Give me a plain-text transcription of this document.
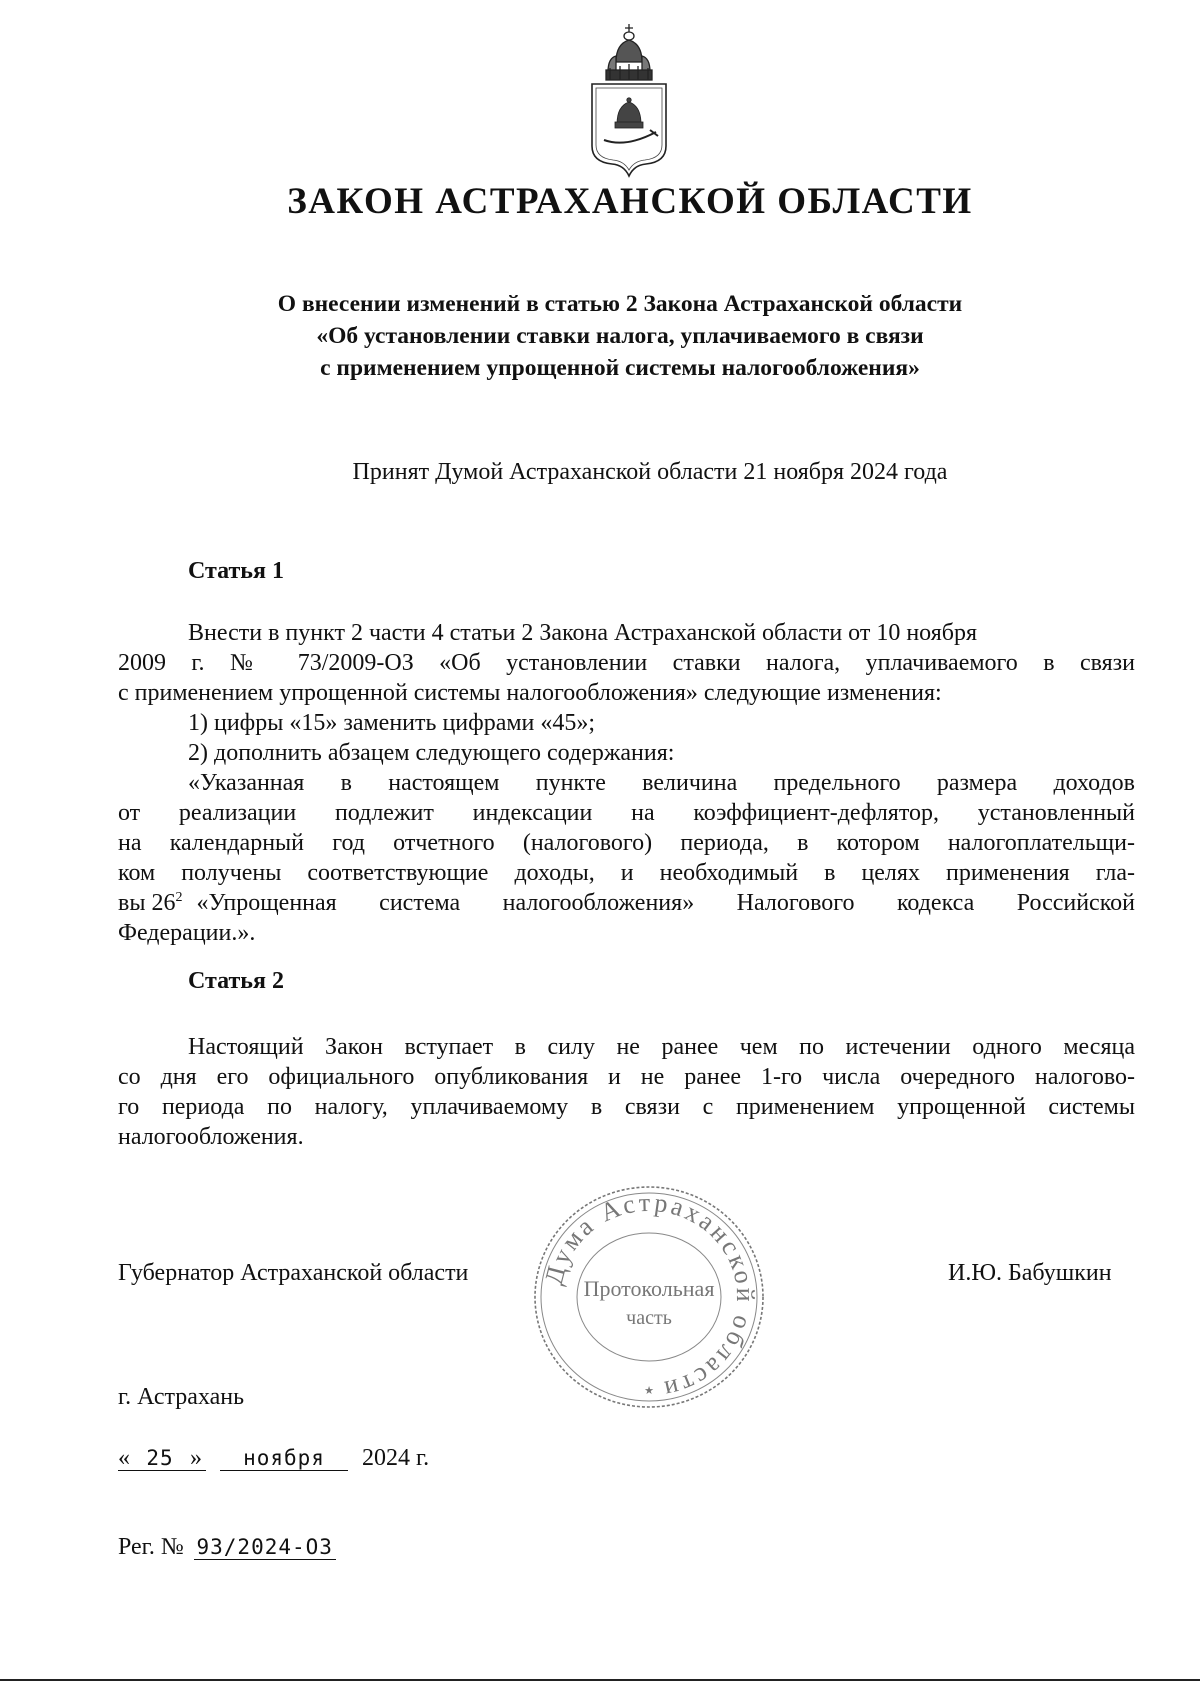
ЗАКОН АСТРАХАНСКОЙ ОБЛАСТИ
О внесении изменений в статью 2 Закона Астраханской области
«Об установлении ставки налога, уплачиваемого в связи
с применением упрощенной системы налогообложения»
Принят Думой Астраханской области 21 ноября 2024 года
Статья 1
Внести в пункт 2 части 4 статьи 2 Закона Астраханской области от 10 ноября
2009 г. № 73/2009-ОЗ «Об установлении ставки налога, уплачиваемого в связи
с применением упрощенной системы налогообложения» следующие изменения:
1) цифры «15» заменить цифрами «45»;
2) дополнить абзацем следующего содержания:
«Указанная в настоящем пункте величина предельного размера доходов
от реализации подлежит индексации на коэффициент-дефлятор, установленный
на календарный год отчетного (налогового) периода, в котором налогоплательщи-
ком получены соответствующие доходы, и необходимый в целях применения гла-
вы $26^2$ «Упрощенная система налогообложения» Налогового кодекса Российской
Федерации.».
Статья 2
Настоящий Закон вступает в силу не ранее чем по истечении одного месяца
со дня его официального опубликования и не ранее 1-го числа очередного налогово-
го периода по налогу, уплачиваемому в связи с применением упрощенной системы
налогообложения.
Губернатор Астраханской области	И.Ю. Бабушкин
Дума Астраханской области
Протокольная
часть
★
г. Астрахань
« 25 » ноября 2024 г.
Рег. № 93/2024-ОЗ
